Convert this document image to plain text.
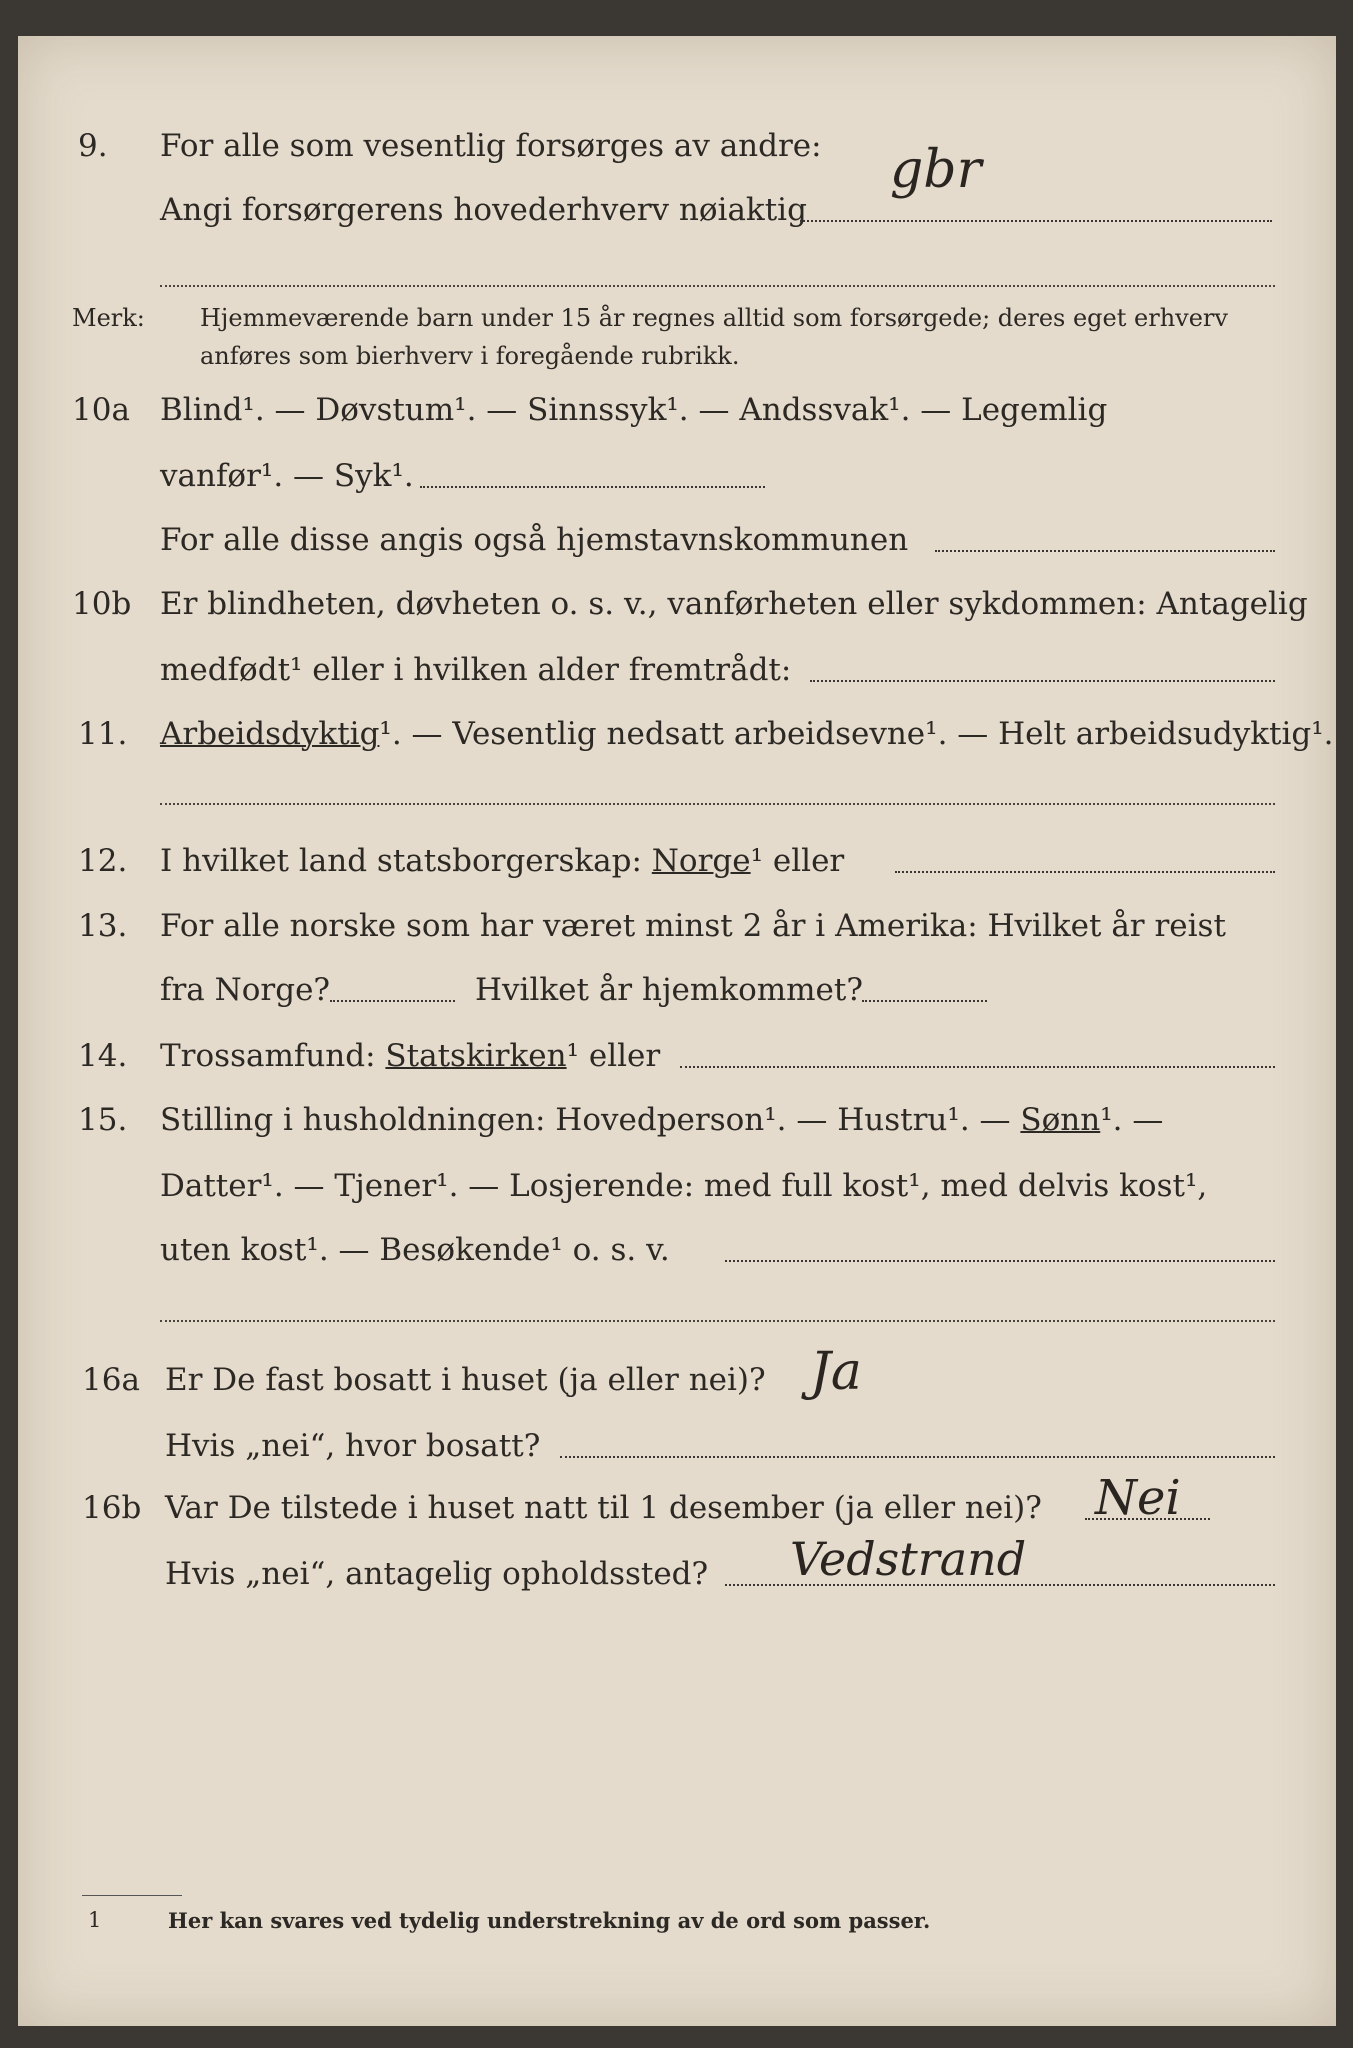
9. For alle som vesentlig forsørges av andre:
Angi forsørgerens hovederhverv nøiaktig
gbr
Merk: Hjemmeværende barn under 15 år regnes alltid som forsørgede; deres eget erhverv
anføres som bierhverv i foregående rubrikk.
10a Blind¹. — Døvstum¹. — Sinnssyk¹. — Andssvak¹. — Legemlig
vanfør¹. — Syk¹.
For alle disse angis også hjemstavnskommunen
10b Er blindheten, døvheten o. s. v., vanførheten eller sykdommen: Antagelig
medfødt¹ eller i hvilken alder fremtrådt:
11. Arbeidsdyktig¹. — Vesentlig nedsatt arbeidsevne¹. — Helt arbeidsudyktig¹.
12. I hvilket land statsborgerskap: Norge¹ eller
13. For alle norske som har været minst 2 år i Amerika: Hvilket år reist
fra Norge?	Hvilket år hjemkommet?
14. Trossamfund: Statskirken¹ eller
15. Stilling i husholdningen: Hovedperson¹. — Hustru¹. — Sønn¹. —
Datter¹. — Tjener¹. — Losjerende: med full kost¹, med delvis kost¹,
uten kost¹. — Besøkende¹ o. s. v.
16a Er De fast bosatt i huset (ja eller nei)? Ja
Hvis „nei“, hvor bosatt?
16b Var De tilstede i huset natt til 1 desember (ja eller nei)? Nei
Hvis „nei“, antagelig opholdssted? Vedstrand
1	Her kan svares ved tydelig understrekning av de ord som passer.
